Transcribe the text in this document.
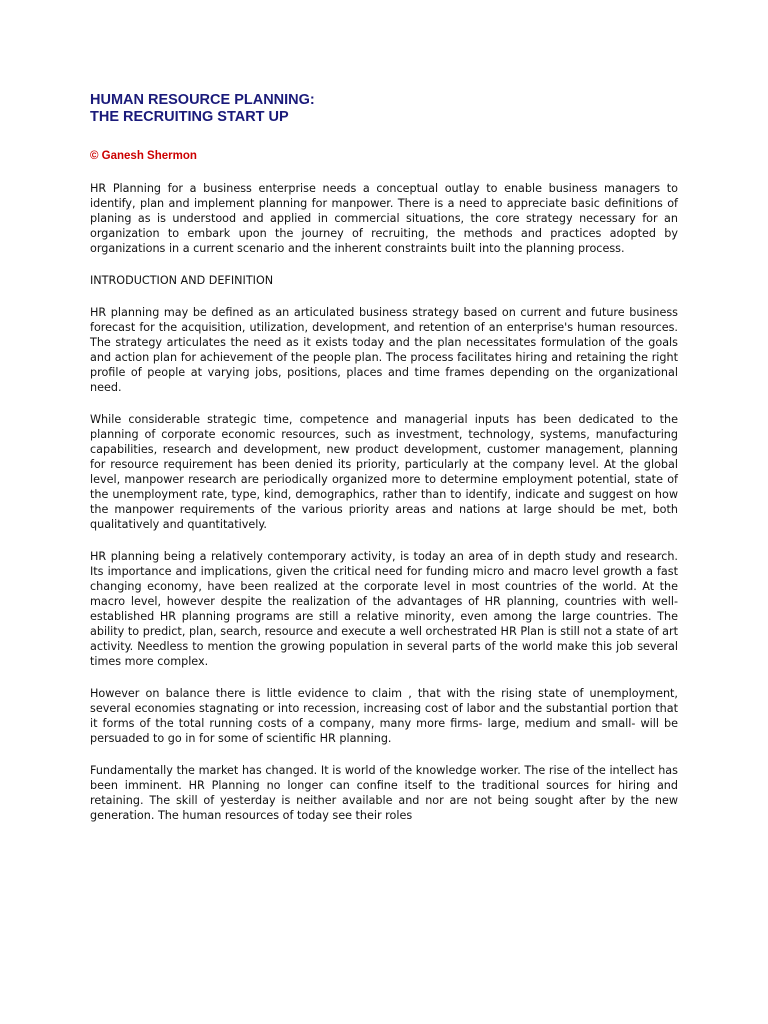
HUMAN RESOURCE PLANNING:
THE RECRUITING START UP

© Ganesh Shermon

HR Planning for a business enterprise needs a conceptual outlay to enable business managers to identify, plan and implement planning for manpower. There is a need to appreciate basic definitions of planing as is understood and applied in commercial situations, the core strategy necessary for an organization to embark upon the journey of recruiting, the methods and practices adopted by organizations in a current scenario and the inherent constraints built into the planning process.

INTRODUCTION AND DEFINITION

HR planning may be defined as an articulated business strategy based on current and future business forecast for the acquisition, utilization, development, and retention of an enterprise's human resources. The strategy articulates the need as it exists today and the plan necessitates formulation of the goals and action plan for achievement of the people plan. The process facilitates hiring and retaining the right profile of people at varying jobs, positions, places and time frames depending on the organizational need.

While considerable strategic time, competence and managerial inputs has been dedicated to the planning of corporate economic resources, such as investment, technology, systems, manufacturing capabilities, research and development, new product development, customer management, planning for resource requirement has been denied its priority, particularly at the company level. At the global level, manpower research are periodically organized more to determine employment potential, state of the unemployment rate, type, kind, demographics, rather than to identify, indicate and suggest on how the manpower requirements of the various priority areas and nations at large should be met, both qualitatively and quantitatively.

HR planning being a relatively contemporary activity, is today an area of in depth study and research. Its importance and implications, given the critical need for funding micro and macro level growth a fast changing economy, have been realized at the corporate level in most countries of the world. At the macro level, however despite the realization of the advantages of HR planning, countries with well-established HR planning programs are still a relative minority, even among the large countries. The ability to predict, plan, search, resource and execute a well orchestrated HR Plan is still not a state of art activity. Needless to mention the growing population in several parts of the world make this job several times more complex.

However on balance there is little evidence to claim , that with the rising state of unemployment, several economies stagnating or into recession, increasing cost of labor and the substantial portion that it forms of the total running costs of a company, many more firms- large, medium and small- will be persuaded to go in for some of scientific HR planning.

Fundamentally the market has changed. It is world of the knowledge worker. The rise of the intellect has been imminent. HR Planning no longer can confine itself to the traditional sources for hiring and retaining. The skill of yesterday is neither available and nor are not being sought after by the new generation. The human resources of today see their roles
